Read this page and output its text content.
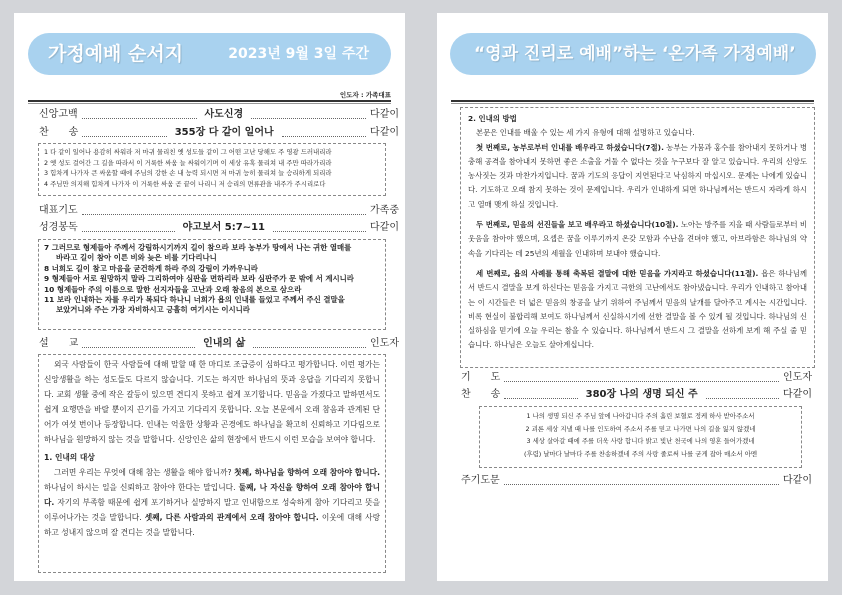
가정예배 순서지	2023년 9월 3일 주간
인도자 : 가족대표
신앙고백	사도신경	다같이
찬　　송	355장 다 같이 일어나	다같이

1 다 같이 일어나 용감히 싸워라 저 마귀 물리친 옛 성도들 같이 그 어떤 고난 당해도 주 영광 드러내리라

2 옛 성도 걸어간 그 길을 따라서 이 거룩한 싸움 늘 싸워이기며 이 세상 유혹 물리쳐 내 주만 따라가리라

3 힘차게 나가자 큰 싸움할 때에 주님의 강한 손 내 능력 되시면 저 마귀 능히 물리쳐 늘 승리하게 되리라

4 주님만 의지해 힘차게 나가자 이 거룩한 싸움 곧 끝이 나리니 저 승리의 면류관을 내주가 주시리로다

대표기도	가족중
성경봉독	야고보서 5:7~11	다같이

7 그러므로 형제들아 주께서 강림하시기까지 길이 참으라 보라 농부가 땅에서 나는 귀한 열매를

바라고 길이 참아 이른 비와 늦은 비를 기다리나니

8 너희도 길이 참고 마음을 굳건하게 하라 주의 강림이 가까우니라

9 형제들아 서로 원망하지 말라 그리하여야 심판을 면하리라 보라 심판주가 문 밖에 서 계시니라

10 형제들아 주의 이름으로 말한 선지자들을 고난과 오래 참음의 본으로 삼으라

11 보라 인내하는 자를 우리가 복되다 하나니 너희가 욥의 인내를 들었고 주께서 주신 결말을

보았거니와 주는 가장 자비하시고 긍휼히 여기시는 이시니라

설　　교	인내의 삶	인도자

외국 사람들이 한국 사람들에 대해 말할 때 한 마디로 조급증이 심하다고 평가합니다. 이런 평가는 신앙생활을 하는 성도들도 다르지 않습니다. 기도는 하지만 하나님의 뜻과 응답을 기다리지 못합니다. 교회 생활 중에 작은 갈등이 있으면 견디지 못하고 쉽게 포기합니다. 믿음을 가졌다고 말하면서도 쉽게 요행만을 바랄 뿐이지 끈기를 가지고 기다리지 못합니다. 오늘 본문에서 오래 참음과 관계된 단어가 여섯 번이나 등장합니다. 인내는 억울한 상황과 곤경에도 하나님을 확고히 신뢰하고 기다림으로 하나님을 원망하지 않는 것을 말합니다. 신앙인은 삶의 현장에서 반드시 이런 모습을 보여야 합니다.

1. 인내의 대상

그러면 우리는 무엇에 대해 참는 생활을 해야 합니까? 첫째, 하나님을 향하여 오래 참아야 합니다. 하나님이 하시는 일을 신뢰하고 참아야 한다는 말입니다. 둘째, 나 자신을 향하여 오래 참아야 합니다. 자기의 부족함 때문에 쉽게 포기하거나 실망하지 말고 인내함으로 성숙하게 참아 기다리고 뜻을 이루어나가는 것을 말합니다. 셋째, 다른 사람과의 관계에서 오래 참아야 합니다. 이웃에 대해 사랑하고 성내지 않으며 잘 견디는 것을 말합니다.

“영과 진리로 예배”하는 ‘온가족 가정예배’

2. 인내의 방법

본문은 인내를 배울 수 있는 세 가지 유형에 대해 설명하고 있습니다.

첫 번째로, 농부로부터 인내를 배우라고 하셨습니다(7절). 농부는 가뭄과 홍수를 참아내지 못하거나 병충해 공격을 참아내지 못하면 좋은 소출을 거둘 수 없다는 것을 누구보다 잘 알고 있습니다. 우리의 신앙도 농사짓는 것과 마찬가지입니다. 꿈과 기도의 응답이 지연된다고 낙심하지 마십시오. 문제는 나에게 있습니다. 기도하고 오래 참지 못하는 것이 문제입니다. 우리가 인내하게 되면 하나님께서는 반드시 자라게 하시고 열매 맺게 하실 것입니다.

두 번째로, 믿음의 선진들을 보고 배우라고 하셨습니다(10절). 노아는 방주를 지을 때 사람들로부터 비웃음을 참아야 했으며, 요셉은 꿈을 이루기까지 온갖 모함과 수난을 견뎌야 했고, 아브라함은 하나님의 약속을 기다리는 데 25년의 세월을 인내하며 보내야 했습니다.

세 번째로, 욥의 사례를 통해 축복된 결말에 대한 믿음을 가지라고 하셨습니다(11절). 욥은 하나님께서 반드시 결말을 보게 하신다는 믿음을 가지고 극한의 고난에서도 참아냈습니다. 우리가 인내하고 참아내는 이 시간들은 더 넓은 믿음의 창공을 날기 위하여 주님께서 믿음의 날개를 달아주고 계시는 시간입니다. 비록 현실이 불합리해 보여도 하나님께서 신실하시기에 선한 결말을 볼 수 있게 될 것입니다. 하나님의 신실하심을 믿기에 오늘 우리는 참을 수 있습니다. 하나님께서 반드시 그 결말을 선하게 보게 해 주실 줄 믿습니다. 하나님은 오늘도 살아계십니다.

기　　도	인도자
찬　　송	380장 나의 생명 되신 주	다같이

1 나의 생명 되신 주 주님 앞에 나아갑니다 주의 흘린 보혈로 정케 하사 받아주소서

2 괴론 세상 지낼 때 나를 인도하여 주소서 주를 믿고 나가면 나의 길을 잃지 않겠네

3 세상 살아갈 때에 주를 더욱 사랑 합니다 밝고 빛난 천국에 나의 영혼 들어가겠네

(후렴) 날마다 날마다 주를 찬송하겠네 주의 사랑 줄로써 나를 굳게 잡아 매소서 아멘

주기도문	다같이
